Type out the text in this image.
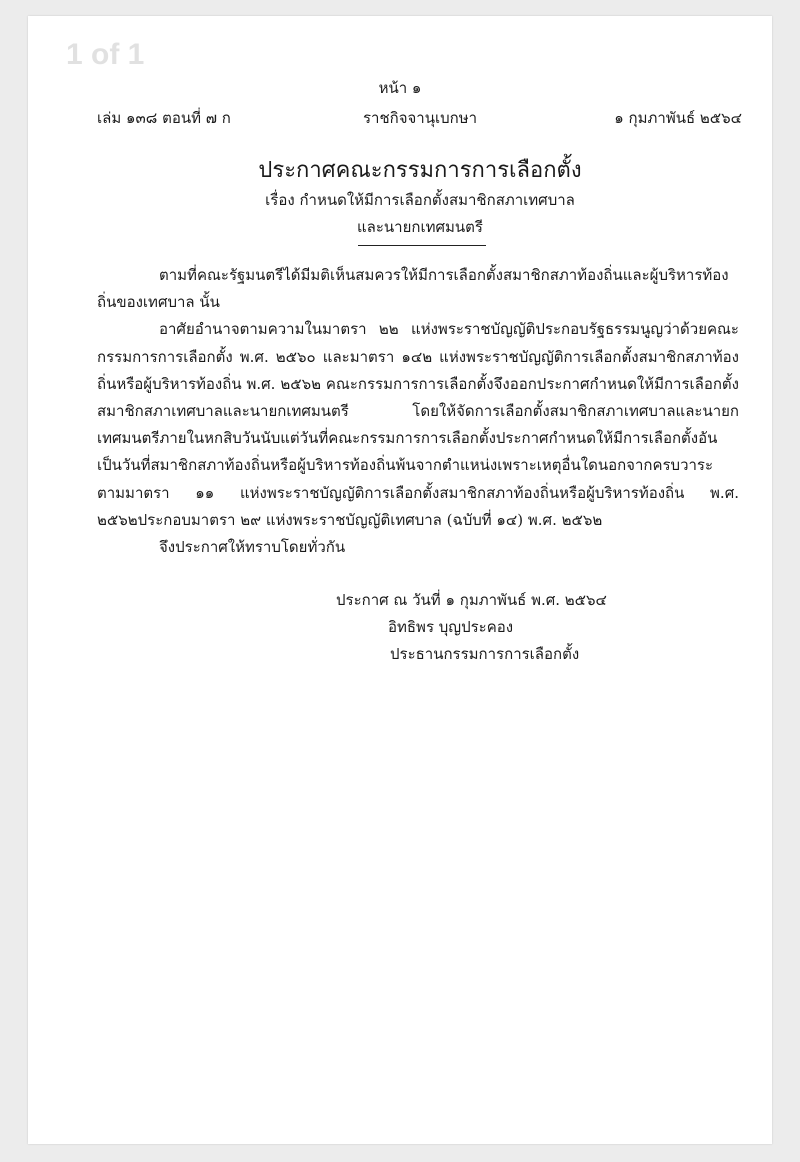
1 of 1
หน้า ๑
เล่ม ๑๓๘ ตอนที่ ๗ ก	ราชกิจจานุเบกษา	๑ กุมภาพันธ์ ๒๕๖๔
ประกาศคณะกรรมการการเลือกตั้ง
เรื่อง กำหนดให้มีการเลือกตั้งสมาชิกสภาเทศบาล
และนายกเทศมนตรี

ตามที่คณะรัฐมนตรีได้มีมติเห็นสมควรให้มีการเลือกตั้งสมาชิกสภาท้องถิ่นและผู้บริหารท้องถิ่นของเทศบาล นั้น

อาศัยอำนาจตามความในมาตรา ๒๒ แห่งพระราชบัญญัติประกอบรัฐธรรมนูญว่าด้วยคณะกรรมการการเลือกตั้ง พ.ศ. ๒๕๖๐ และมาตรา ๑๔๒ แห่งพระราชบัญญัติการเลือกตั้งสมาชิกสภาท้องถิ่นหรือผู้บริหารท้องถิ่น พ.ศ. ๒๕๖๒ คณะกรรมการการเลือกตั้งจึงออกประกาศกำหนดให้มีการเลือกตั้งสมาชิกสภาเทศบาลและนายกเทศมนตรี โดยให้จัดการเลือกตั้งสมาชิกสภาเทศบาลและนายกเทศมนตรีภายในหกสิบวันนับแต่วันที่คณะกรรมการการเลือกตั้งประกาศกำหนดให้มีการเลือกตั้งอันเป็นวันที่สมาชิกสภาท้องถิ่นหรือผู้บริหารท้องถิ่นพ้นจากตำแหน่งเพราะเหตุอื่นใดนอกจากครบวาระตามมาตรา ๑๑ แห่งพระราชบัญญัติการเลือกตั้งสมาชิกสภาท้องถิ่นหรือผู้บริหารท้องถิ่น พ.ศ. ๒๕๖๒ประกอบมาตรา ๒๙ แห่งพระราชบัญญัติเทศบาล (ฉบับที่ ๑๔) พ.ศ. ๒๕๖๒

จึงประกาศให้ทราบโดยทั่วกัน

ประกาศ ณ วันที่ ๑ กุมภาพันธ์ พ.ศ. ๒๕๖๔
อิทธิพร บุญประคอง
ประธานกรรมการการเลือกตั้ง
